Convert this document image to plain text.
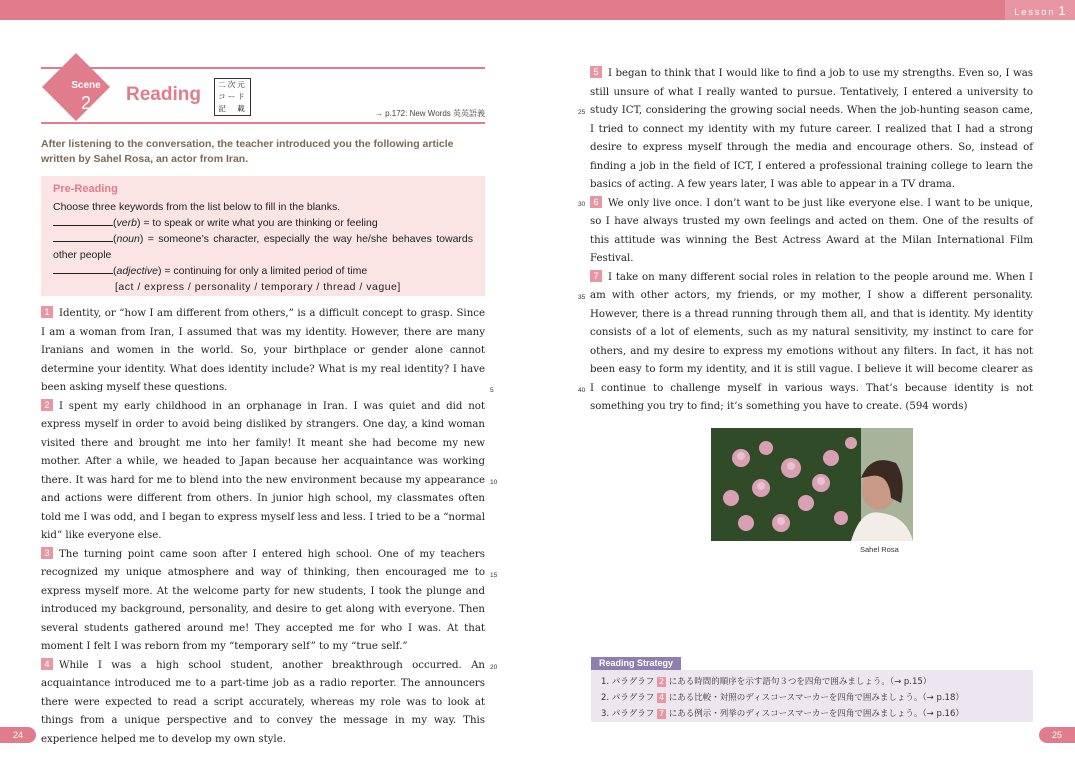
Lesson 1
Scene
2	Reading	二次元
コード
記　載
→ p.172: New Words 英英語義
After listening to the conversation, the teacher introduced you the following article written by Sahel Rosa, an actor from Iran.
Pre-Reading
Choose three keywords from the list below to fill in the blanks.
(verb) = to speak or write what you are thinking or feeling
(noun) = someone’s character, especially the way he/she behaves towards other people
(adjective) = continuing for only a limited period of time
[act / express / personality / temporary / thread / vague]

1 Identity, or “how I am different from others,” is a difficult concept to grasp. Since I am a woman from Iran, I assumed that was my identity. However, there are many Iranians and women in the world. So, your birthplace or gender alone cannot determine your identity. What does identity include? What is my real identity? I have been asking myself these questions.

2 I spent my early childhood in an orphanage in Iran. I was quiet and did not express myself in order to avoid being disliked by strangers. One day, a kind woman visited there and brought me into her family! It meant she had become my new mother. After a while, we headed to Japan because her acquaintance was working there. It was hard for me to blend into the new environment because my appearance and actions were different from others. In junior high school, my classmates often told me I was odd, and I began to express myself less and less. I tried to be a “normal kid” like everyone else.

3 The turning point came soon after I entered high school. One of my teachers recognized my unique atmosphere and way of thinking, then encouraged me to express myself more. At the welcome party for new students, I took the plunge and introduced my background, personality, and desire to get along with everyone. Then several students gathered around me! They accepted me for who I was. At that moment I felt I was reborn from my “temporary self” to my “true self.”

4 While I was a high school student, another breakthrough occurred. An acquaintance introduced me to a part-time job as a radio reporter. The announcers there were expected to read a script accurately, whereas my role was to look at things from a unique perspective and to convey the message in my way. This experience helped me to develop my own style.

5
10
15
20
25
30
35
40

5 I began to think that I would like to find a job to use my strengths. Even so, I was still unsure of what I really wanted to pursue. Tentatively, I entered a university to study ICT, considering the growing social needs. When the job-hunting season came, I tried to connect my identity with my future career. I realized that I had a strong desire to express myself through the media and encourage others. So, instead of finding a job in the field of ICT, I entered a professional training college to learn the basics of acting. A few years later, I was able to appear in a TV drama.

6 We only live once. I don’t want to be just like everyone else. I want to be unique, so I have always trusted my own feelings and acted on them. One of the results of this attitude was winning the Best Actress Award at the Milan International Film Festival.

7 I take on many different social roles in relation to the people around me. When I am with other actors, my friends, or my mother, I show a different personality. However, there is a thread running through them all, and that is identity. My identity consists of a lot of elements, such as my natural sensitivity, my instinct to care for others, and my desire to express my emotions without any filters. In fact, it has not been easy to form my identity, and it is still vague. I believe it will become clearer as I continue to challenge myself in various ways. That’s because identity is not something you try to find; it’s something you have to create. (594 words)

Sahel Rosa
1. パラグラフ 2 にある時間的順序を示す語句３つを四角で囲みましょう。（→ p.15）
2. パラグラフ 4 にある比較・対照のディスコースマーカーを四角で囲みましょう。（→ p.18）
3. パラグラフ 7 にある例示・列挙のディスコースマーカーを四角で囲みましょう。（→ p.16）
Reading Strategy
24	25
